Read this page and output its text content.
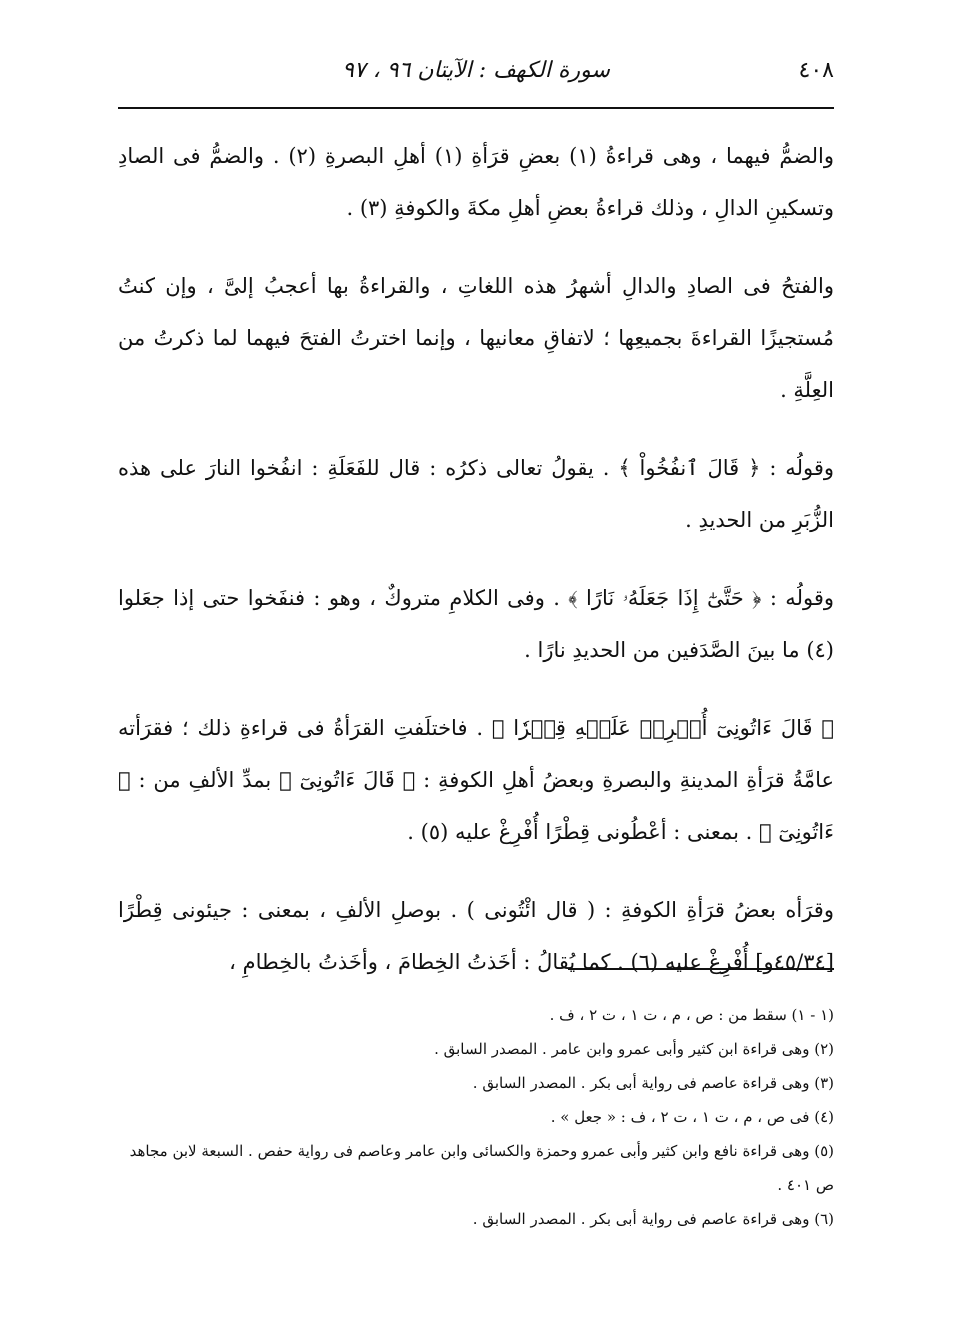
٤٠٨
سورة الكهف : الآيتان ٩٦ ، ٩٧

والضمُّ فيهما ، وهى قراءةُ (١) بعضِ قرَأةِ (١) أهلِ البصرةِ (٢) . والضمُّ فى الصادِ وتسكينِ الدالِ ، وذلك قراءةُ بعضِ أهلِ مكةَ والكوفةِ (٣) .

والفتحُ فى الصادِ والدالِ أشهرُ هذه اللغاتِ ، والقراءةُ بها أعجبُ إلىَّ ، وإن كنتُ مُستجيزًا القراءةَ بجميعِها ؛ لاتفاقِ معانيها ، وإنما اخترتُ الفتحَ فيهما لما ذكرتُ من العِلَّةِ .

وقولُه : ﴿ قَالَ ٱنفُخُواْ ﴾ . يقولُ تعالى ذكرُه : قال للفَعَلَةِ : انفُخوا النارَ على هذه الزُّبَرِ من الحديدِ .

وقولُه : ﴿ حَتَّىٰٓ إِذَا جَعَلَهُۥ نَارًا ﴾ . وفى الكلامِ متروكٌ ، وهو : فنفَخوا حتى إذا جعَلوا (٤) ما بينَ الصَّدَفين من الحديدِ نارًا .

﴿ قَالَ ءَاتُونِىٓ أُفۡرِغۡ عَلَيۡهِ قِطۡرٗا ﴾ . فاختلَفتِ القرَأةُ فى قراءةِ ذلك ؛ فقرَأته عامَّةُ قرَأةِ المدينةِ والبصرةِ وبعضُ أهلِ الكوفةِ : ﴿ قَالَ ءَاتُونِىٓ ﴾ بمدِّ الألفِ من : ﴿ ءَاتُونِىٓ ﴾ . بمعنى : أعْطُونى قِطْرًا أُفْرِغْ عليه (٥) .

وقرَأه بعضُ قرَأةِ الكوفةِ : ( قال ائْتُونى ) . بوصلِ الألفِ ، بمعنى : جيئونى قِطْرًا [٤٥/٣٤و] أُفْرِغْ عليه (٦) . كما يُقالُ : أخَذتُ الخِطامَ ، وأخَذتُ بالخِطامِ ،

(١ - ١) سقط من : ص ، م ، ت ١ ، ت ٢ ، ف .
(٢) وهى قراءة ابن كثير وأبى عمرو وابن عامر . المصدر السابق .
(٣) وهى قراءة عاصم فى رواية أبى بكر . المصدر السابق .
(٤) فى ص ، م ، ت ١ ، ت ٢ ، ف : « جعل » .
(٥) وهى قراءة نافع وابن كثير وأبى عمرو وحمزة والكسائى وابن عامر وعاصم فى رواية حفص . السبعة لابن مجاهد ص ٤٠١ .
(٦) وهى قراءة عاصم فى رواية أبى بكر . المصدر السابق .
